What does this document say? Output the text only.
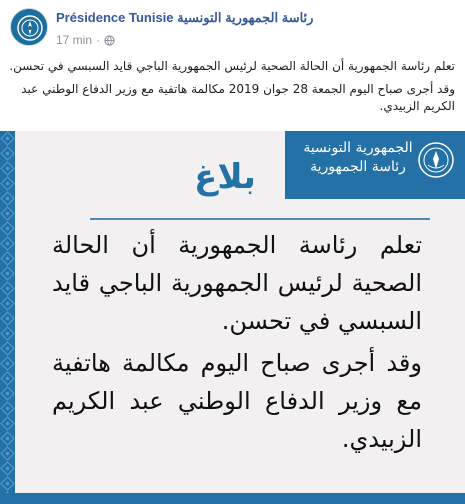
Présidence Tunisie رئاسة الجمهورية التونسية
17 min ·

تعلم رئاسة الجمهورية أن الحالة الصحية لرئيس الجمهورية الباجي قايد السبسي في تحسن.

وقد أجرى صباح اليوم الجمعة 28 جوان 2019 مكالمة هاتفية مع وزير الدفاع الوطني عبد الكريم الزبيدي.

الجمهورية التونسية رئاسة الجمهورية
بلاغ
تعلم رئاسة الجمهورية أن الحالة الصحية لرئيس الجمهورية الباجي قايد السبسي في تحسن.
وقد أجرى صباح اليوم مكالمة هاتفية مع وزير الدفاع الوطني عبد الكريم الزبيدي.
